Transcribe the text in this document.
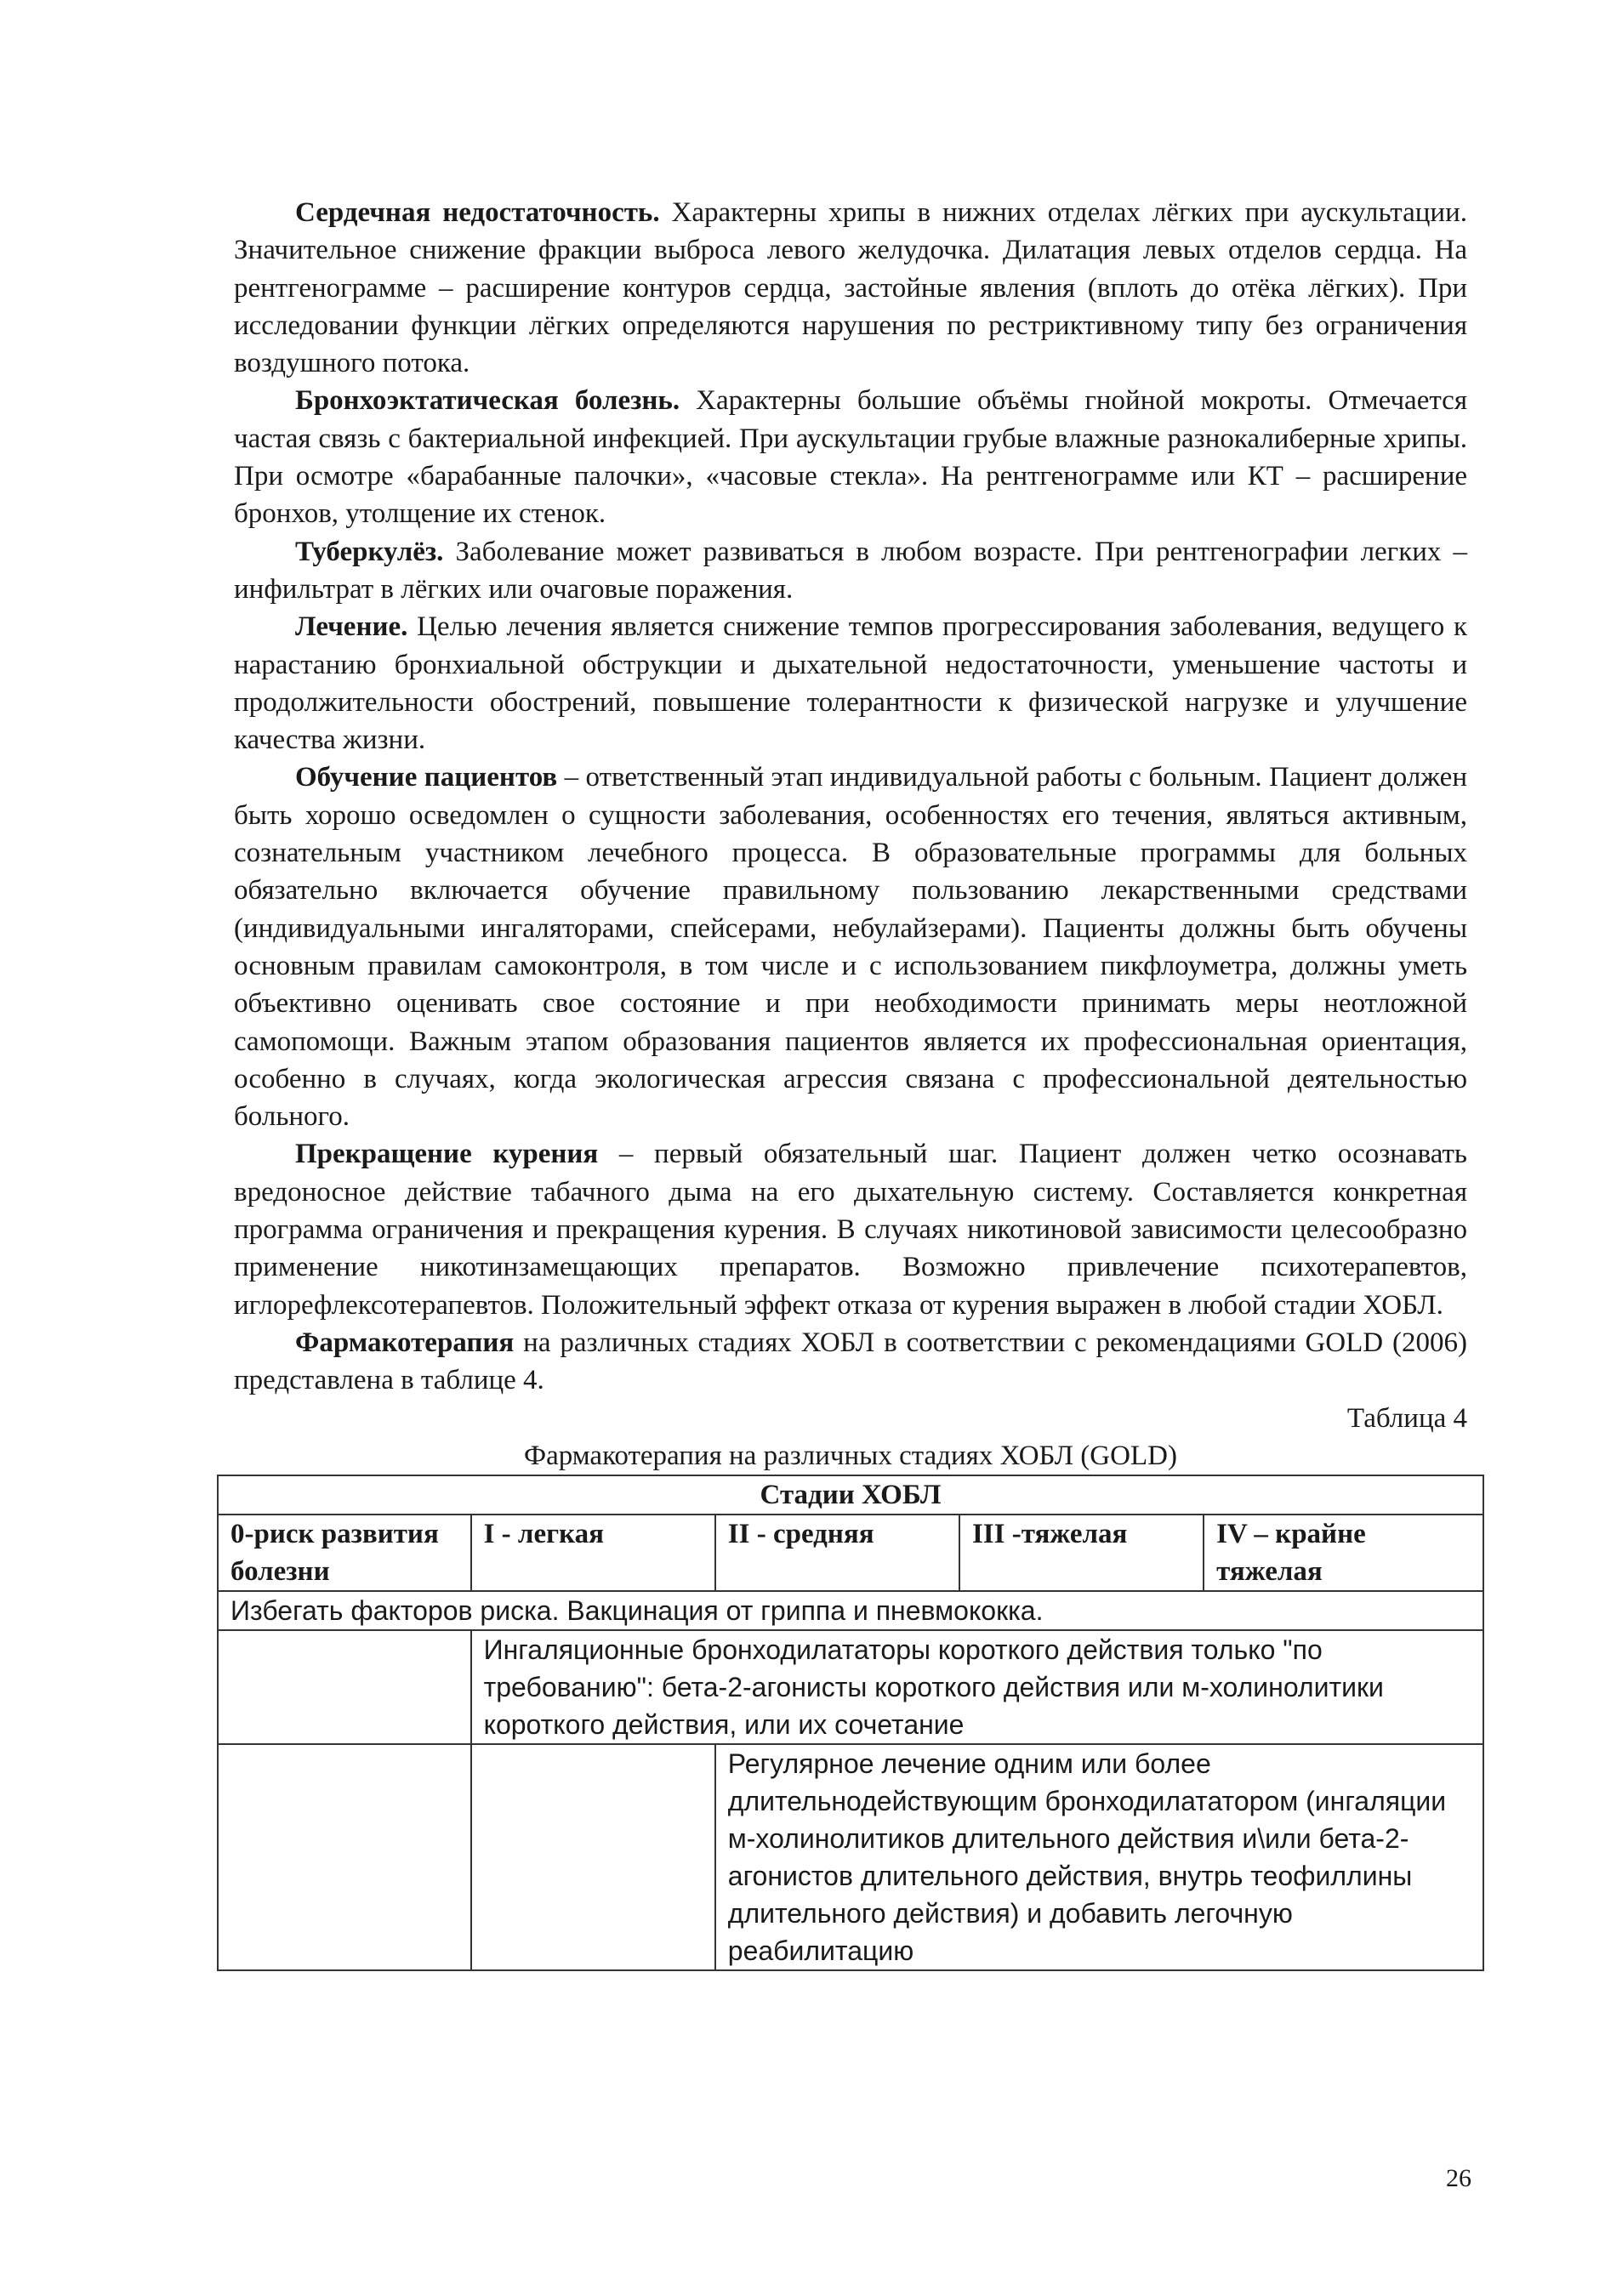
Сердечная недостаточность. Характерны хрипы в нижних отделах лёгких при аускультации. Значительное снижение фракции выброса левого желудочка. Дилатация левых отделов сердца. На рентгенограмме – расширение контуров сердца, застойные явления (вплоть до отёка лёгких). При исследовании функции лёгких определяются нарушения по рестриктивному типу без ограничения воздушного потока.

Бронхоэктатическая болезнь. Характерны большие объёмы гнойной мокроты. Отмечается частая связь с бактериальной инфекцией. При аускультации грубые влажные разнокалиберные хрипы. При осмотре «барабанные палочки», «часовые стекла». На рентгенограмме или КТ – расширение бронхов, утолщение их стенок.

Туберкулёз. Заболевание может развиваться в любом возрасте. При рентгенографии легких – инфильтрат в лёгких или очаговые поражения.

Лечение. Целью лечения является снижение темпов прогрессирования заболевания, ведущего к нарастанию бронхиальной обструкции и дыхательной недостаточности, уменьшение частоты и продолжительности обострений, повышение толерантности к физической нагрузке и улучшение качества жизни.

Обучение пациентов – ответственный этап индивидуальной работы с больным. Пациент должен быть хорошо осведомлен о сущности заболевания, особенностях его течения, являться активным, сознательным участником лечебного процесса. В образовательные программы для больных обязательно включается обучение правильному пользованию лекарственными средствами (индивидуальными ингаляторами, спейсерами, небулайзерами). Пациенты должны быть обучены основным правилам самоконтроля, в том числе и с использованием пикфлоуметра, должны уметь объективно оценивать свое состояние и при необходимости принимать меры неотложной самопомощи. Важным этапом образования пациентов является их профессиональная ориентация, особенно в случаях, когда экологическая агрессия связана с профессиональной деятельностью больного.

Прекращение курения – первый обязательный шаг. Пациент должен четко осознавать вредоносное действие табачного дыма на его дыхательную систему. Составляется конкретная программа ограничения и прекращения курения. В случаях никотиновой зависимости целесообразно применение никотинзамещающих препаратов. Возможно привлечение психотерапевтов, иглорефлексотерапевтов. Положительный эффект отказа от курения выражен в любой стадии ХОБЛ.

Фармакотерапия на различных стадиях ХОБЛ в соответствии с рекомендациями GOLD (2006) представлена в таблице 4.

Таблица 4

Фармакотерапия на различных стадиях ХОБЛ (GOLD)

Стадии ХОБЛ				
0-риск развития болезни	I - легкая	II - средняя	III -тяжелая	IV – крайне тяжелая
Избегать факторов риска. Вакцинация от гриппа и пневмококка.				
	Ингаляционные бронходилататоры короткого действия только "по требованию": бета-2-агонисты короткого действия или м-холинолитики короткого действия, или их сочетание			
		Регулярное лечение одним или более длительнодействующим бронходилататором (ингаляции м-холинолитиков длительного действия и\или бета-2-агонистов длительного действия, внутрь теофиллины длительного действия) и добавить легочную реабилитацию		
26
